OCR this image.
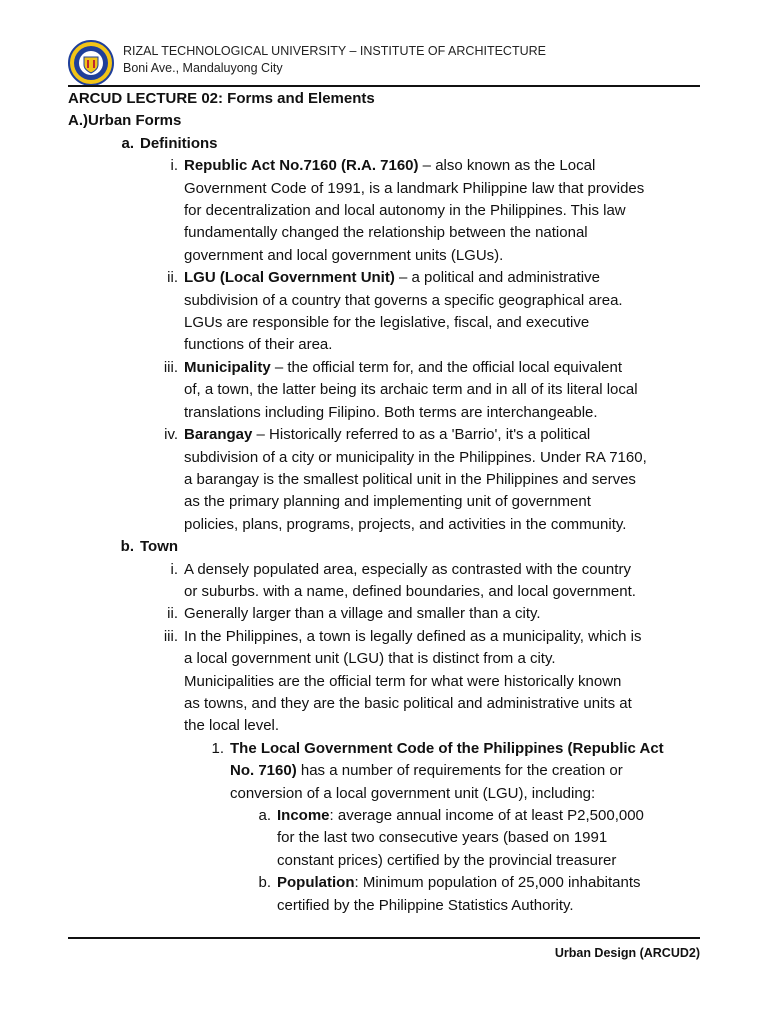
RIZAL TECHNOLOGICAL UNIVERSITY – INSTITUTE OF ARCHITECTURE
Boni Ave., Mandaluyong City

ARCUD LECTURE 02: Forms and Elements

A.) Urban Forms
a. Definitions
i. Republic Act No.7160 (R.A. 7160) – also known as the Local

Government Code of 1991, is a landmark Philippine law that provides

for decentralization and local autonomy in the Philippines. This law

fundamentally changed the relationship between the national

government and local government units (LGUs).

ii. LGU (Local Government Unit) – a political and administrative

subdivision of a country that governs a specific geographical area.

LGUs are responsible for the legislative, fiscal, and executive

functions of their area.

iii. Municipality – the official term for, and the official local equivalent

of, a town, the latter being its archaic term and in all of its literal local

translations including Filipino. Both terms are interchangeable.

iv. Barangay – Historically referred to as a 'Barrio', it's a political

subdivision of a city or municipality in the Philippines. Under RA 7160,

a barangay is the smallest political unit in the Philippines and serves

as the primary planning and implementing unit of government

policies, plans, programs, projects, and activities in the community.

b. Town
i. A densely populated area, especially as contrasted with the country

or suburbs. with a name, defined boundaries, and local government.

ii. Generally larger than a village and smaller than a city.

iii. In the Philippines, a town is legally defined as a municipality, which is

a local government unit (LGU) that is distinct from a city.

Municipalities are the official term for what were historically known

as towns, and they are the basic political and administrative units at

the local level.

1. The Local Government Code of the Philippines (Republic Act

No. 7160) has a number of requirements for the creation or

conversion of a local government unit (LGU), including:

a. Income: average annual income of at least P2,500,000

for the last two consecutive years (based on 1991

constant prices) certified by the provincial treasurer

b. Population: Minimum population of 25,000 inhabitants

certified by the Philippine Statistics Authority.

Urban Design (ARCUD2)
